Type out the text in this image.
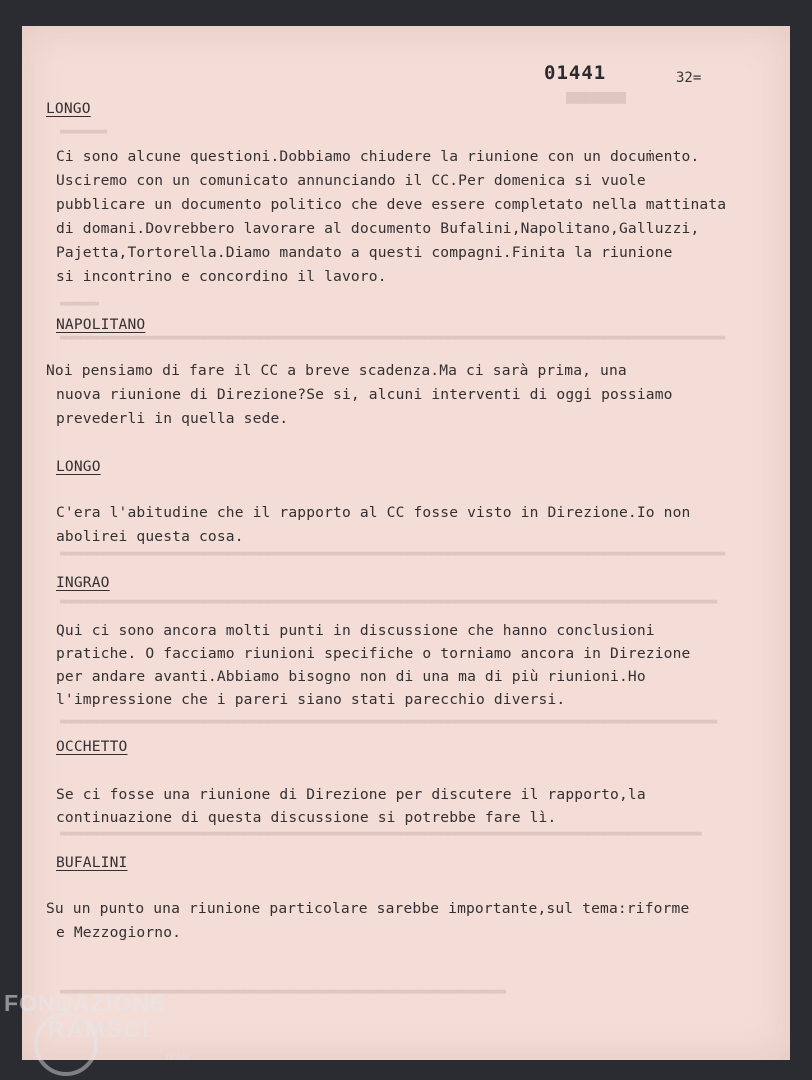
■■■■■
▬▬▬▬▬▬
▬▬▬▬▬
▬▬▬▬▬▬▬▬▬▬▬▬▬▬▬▬▬▬▬▬▬▬▬▬▬▬▬▬▬▬▬▬▬▬▬▬▬▬▬▬▬▬▬▬▬▬▬▬▬▬▬▬▬▬▬▬▬▬▬▬▬▬▬▬▬▬▬▬▬▬▬▬▬▬▬▬▬▬▬▬▬▬▬▬▬
▬▬▬▬▬▬▬▬▬▬▬▬▬▬▬▬▬▬▬▬▬▬▬▬▬▬▬▬▬▬▬▬▬▬▬▬▬▬▬▬▬▬▬▬▬▬▬▬▬▬▬▬▬▬▬▬▬▬▬▬▬▬▬▬▬▬▬▬▬▬▬▬▬▬▬▬▬▬▬▬▬▬▬▬▬
▬▬▬▬▬▬▬▬▬▬▬▬▬▬▬▬▬▬▬▬▬▬▬▬▬▬▬▬▬▬▬▬▬▬▬▬▬▬▬▬▬▬▬▬▬▬▬▬▬▬▬▬▬▬▬▬▬▬▬▬▬▬▬▬▬▬▬▬▬▬▬▬▬▬▬▬▬▬▬▬▬▬▬▬
▬▬▬▬▬▬▬▬▬▬▬▬▬▬▬▬▬▬▬▬▬▬▬▬▬▬▬▬▬▬▬▬▬▬▬▬▬▬▬▬▬▬▬▬▬▬▬▬▬▬▬▬▬▬▬▬▬▬▬▬▬▬▬▬▬▬▬▬▬▬▬▬▬▬▬▬▬▬▬▬▬▬▬▬
▬▬▬▬▬▬▬▬▬▬▬▬▬▬▬▬▬▬▬▬▬▬▬▬▬▬▬▬▬▬▬▬▬▬▬▬▬▬▬▬▬▬▬▬▬▬▬▬▬▬▬▬▬▬▬▬▬▬▬▬▬▬▬▬▬▬▬▬▬▬▬▬▬▬▬▬▬▬▬▬▬▬
▬▬▬▬▬▬▬▬▬▬▬▬▬▬▬▬▬▬▬▬▬▬▬▬▬▬▬▬▬▬▬▬▬▬▬▬▬▬▬▬▬▬▬▬▬▬▬▬▬▬▬▬▬▬▬▬▬
01441	32=

LONGO

Ci sono alcune questioni.Dobbiamo chiudere la riunione con un docuṁento.

Usciremo con un comunicato annunciando il CC.Per domenica si vuole

pubblicare un documento politico che deve essere completato nella mattinata

di domani.Dovrebbero lavorare al documento Bufalini,Napolitano,Galluzzi,

Pajetta,Tortorella.Diamo mandato a questi compagni.Finita la riunione

si incontrino e concordino il lavoro.

NAPOLITANO

Noi pensiamo di fare il CC a breve scadenza.Ma ci sarà prima, una

nuova riunione di Direzione?Se si, alcuni interventi di oggi possiamo

prevederli in quella sede.

LONGO

C'era l'abitudine che il rapporto al CC fosse visto in Direzione.Io non

abolirei questa cosa.

INGRAO

Qui ci sono ancora molti punti in discussione che hanno conclusioni

pratiche. O facciamo riunioni specifiche o torniamo ancora in Direzione

per andare avanti.Abbiamo bisogno non di una ma di più riunioni.Ho

l'impressione che i pareri siano stati parecchio diversi.

OCCHETTO

Se ci fosse una riunione di Direzione per discutere il rapporto,la

continuazione di questa discussione si potrebbe fare lì.

BUFALINI

Su un punto una riunione particolare sarebbe importante,sul tema:riforme

e Mezzogiorno.

FONDAZIONE
RAMSCI
onlus
